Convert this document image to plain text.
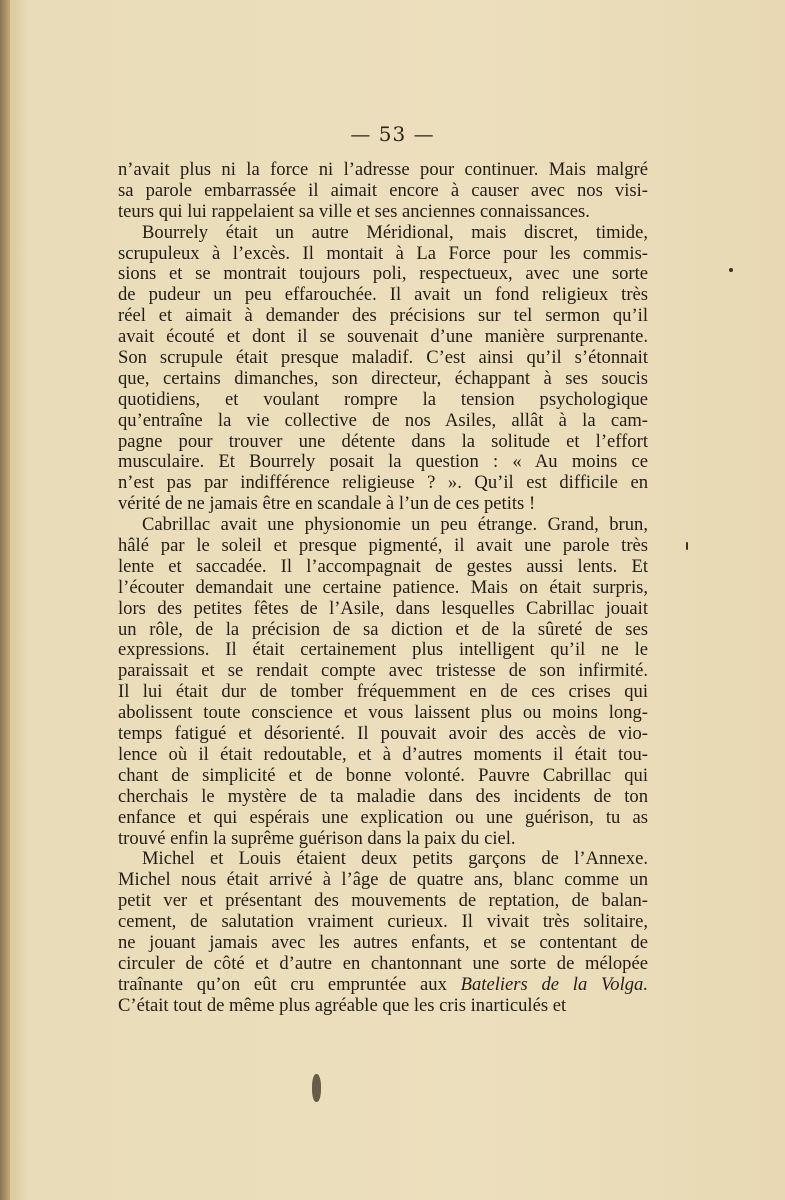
— 53 —
n’avait plus ni la force ni l’adresse pour continuer. Mais malgré
sa parole embarrassée il aimait encore à causer avec nos visi-
teurs qui lui rappelaient sa ville et ses anciennes connaissances.
Bourrely était un autre Méridional, mais discret, timide,
scrupuleux à l’excès. Il montait à La Force pour les commis-
sions et se montrait toujours poli, respectueux, avec une sorte
de pudeur un peu effarouchée. Il avait un fond religieux très
réel et aimait à demander des précisions sur tel sermon qu’il
avait écouté et dont il se souvenait d’une manière surprenante.
Son scrupule était presque maladif. C’est ainsi qu’il s’étonnait
que, certains dimanches, son directeur, échappant à ses soucis
quotidiens, et voulant rompre la tension psychologique
qu’entraîne la vie collective de nos Asiles, allât à la cam-
pagne pour trouver une détente dans la solitude et l’effort
musculaire. Et Bourrely posait la question : « Au moins ce
n’est pas par indifférence religieuse ? ». Qu’il est difficile en
vérité de ne jamais être en scandale à l’un de ces petits !
Cabrillac avait une physionomie un peu étrange. Grand, brun,
hâlé par le soleil et presque pigmenté, il avait une parole très
lente et saccadée. Il l’accompagnait de gestes aussi lents. Et
l’écouter demandait une certaine patience. Mais on était surpris,
lors des petites fêtes de l’Asile, dans lesquelles Cabrillac jouait
un rôle, de la précision de sa diction et de la sûreté de ses
expressions. Il était certainement plus intelligent qu’il ne le
paraissait et se rendait compte avec tristesse de son infirmité.
Il lui était dur de tomber fréquemment en de ces crises qui
abolissent toute conscience et vous laissent plus ou moins long-
temps fatigué et désorienté. Il pouvait avoir des accès de vio-
lence où il était redoutable, et à d’autres moments il était tou-
chant de simplicité et de bonne volonté. Pauvre Cabrillac qui
cherchais le mystère de ta maladie dans des incidents de ton
enfance et qui espérais une explication ou une guérison, tu as
trouvé enfin la suprême guérison dans la paix du ciel.
Michel et Louis étaient deux petits garçons de l’Annexe.
Michel nous était arrivé à l’âge de quatre ans, blanc comme un
petit ver et présentant des mouvements de reptation, de balan-
cement, de salutation vraiment curieux. Il vivait très solitaire,
ne jouant jamais avec les autres enfants, et se contentant de
circuler de côté et d’autre en chantonnant une sorte de mélopée
traînante qu’on eût cru empruntée aux Bateliers de la Volga.
C’était tout de même plus agréable que les cris inarticulés et
